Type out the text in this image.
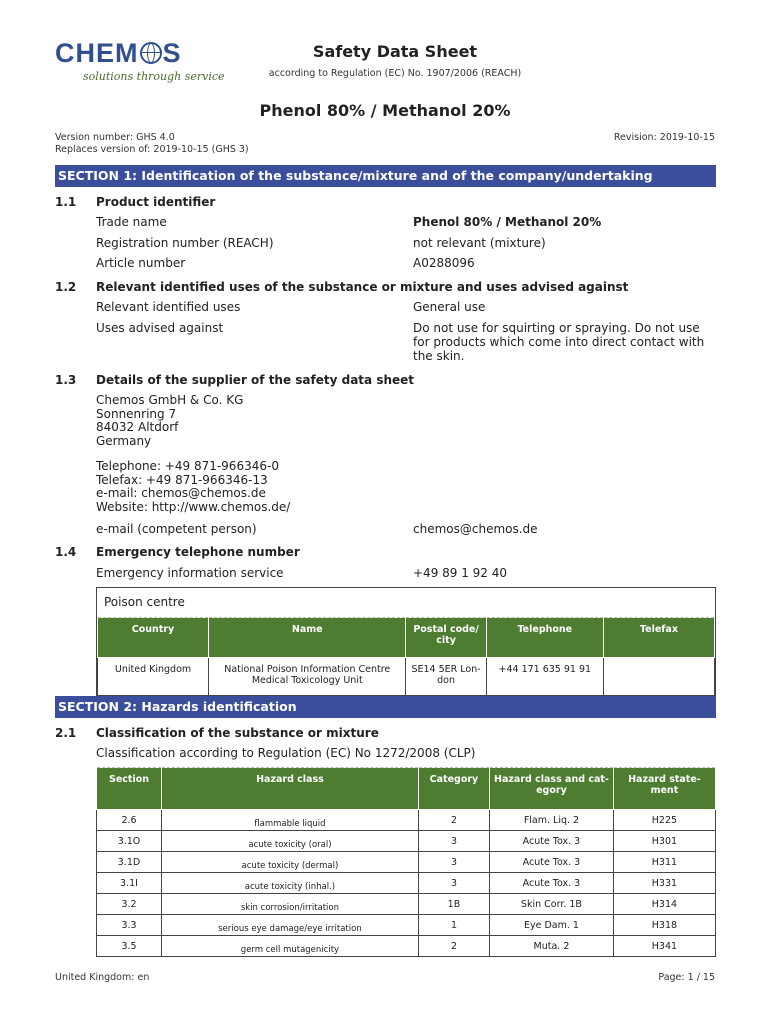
CHEM S
solutions through service
Safety Data Sheet
according to Regulation (EC) No. 1907/2006 (REACH)
Phenol 80% / Methanol 20%
Version number: GHS 4.0
Replaces version of: 2019-10-15 (GHS 3)
Revision: 2019-10-15
SECTION 1: Identification of the substance/mixture and of the company/undertaking
1.1 Product identifier
Trade name	Phenol 80% / Methanol 20%
Registration number (REACH)	not relevant (mixture)
Article number	A0288096
1.2 Relevant identified uses of the substance or mixture and uses advised against
Relevant identified uses	General use
Uses advised against	Do not use for squirting or spraying. Do not use for products which come into direct contact with the skin.
1.3 Details of the supplier of the safety data sheet
Chemos GmbH & Co. KG
Sonnenring 7
84032 Altdorf
Germany
Telephone: +49 871-966346-0
Telefax: +49 871-966346-13
e-mail: chemos@chemos.de
Website: http://www.chemos.de/
e-mail (competent person)	chemos@chemos.de
1.4 Emergency telephone number
Emergency information service	+49 89 1 92 40
Poison centre
Country	Name	Postal code/ city	Telephone	Telefax
United Kingdom	National Poison Information Centre Medical Toxicology Unit	SE14 5ER Lon- don	+44 171 635 91 91	
SECTION 2: Hazards identification
2.1 Classification of the substance or mixture
Classification according to Regulation (EC) No 1272/2008 (CLP)
Section	Hazard class	Category	Hazard class and cat- egory	Hazard state- ment
2.6	flammable liquid	2	Flam. Liq. 2	H225
3.1O	acute toxicity (oral)	3	Acute Tox. 3	H301
3.1D	acute toxicity (dermal)	3	Acute Tox. 3	H311
3.1I	acute toxicity (inhal.)	3	Acute Tox. 3	H331
3.2	skin corrosion/irritation	1B	Skin Corr. 1B	H314
3.3	serious eye damage/eye irritation	1	Eye Dam. 1	H318
3.5	germ cell mutagenicity	2	Muta. 2	H341
United Kingdom: en	Page: 1 / 15
